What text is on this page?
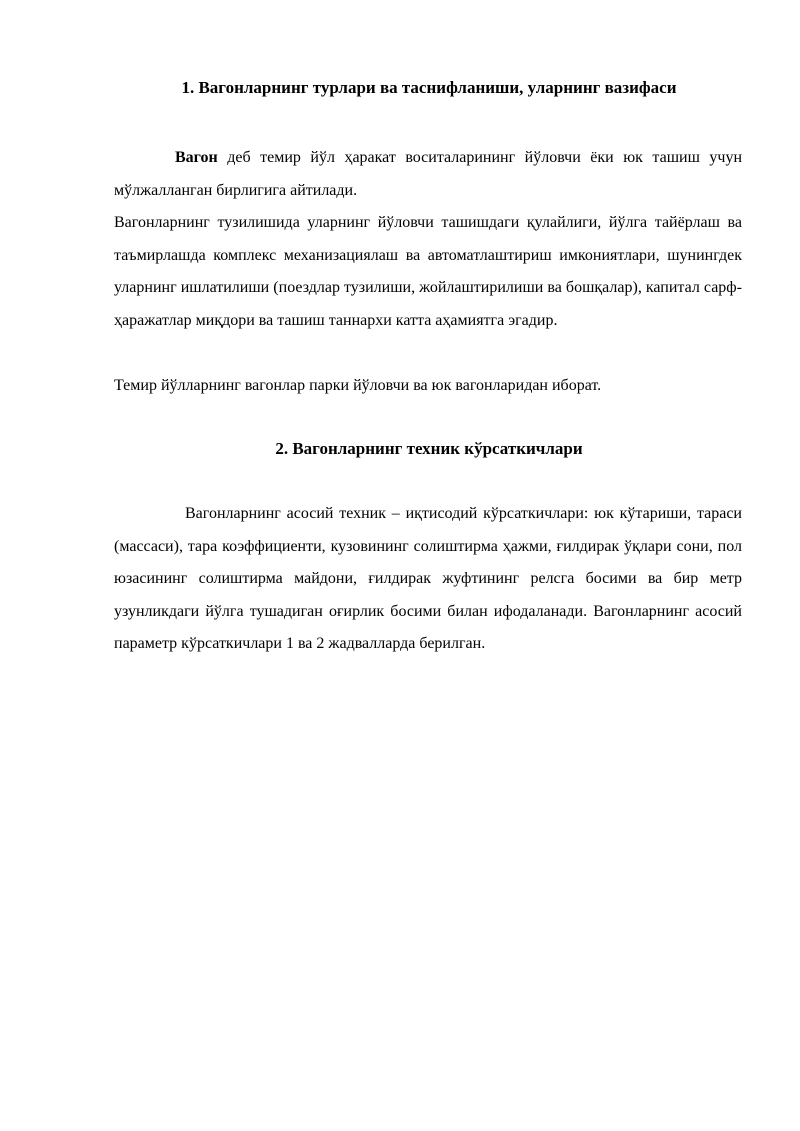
1. Вагонларнинг турлари ва таснифланиши, уларнинг вазифаси

Вагон деб темир йўл ҳаракат воситаларининг йўловчи ёки юк ташиш учун мўлжалланган бирлигига айтилади.

Вагонларнинг тузилишида уларнинг йўловчи ташишдаги қулайлиги, йўлга тайёрлаш ва таъмирлашда комплекс механизациялаш ва автоматлаштириш имкониятлари, шунингдек уларнинг ишлатилиши (поездлар тузилиши, жойлаштирилиши ва бошқалар), капитал сарф-ҳаражатлар миқдори ва ташиш таннархи катта аҳамиятга эгадир.

Темир йўлларнинг вагонлар парки йўловчи ва юк вагонларидан иборат.

2. Вагонларнинг техник кўрсаткичлари

Вагонларнинг асосий техник – иқтисодий кўрсаткичлари: юк кўтариши, тараси (массаси), тара коэффициенти, кузовининг солиштирма ҳажми, ғилдирак ўқлари сони, пол юзасининг солиштирма майдони, ғилдирак жуфтининг релсга босими ва бир метр узунликдаги йўлга тушадиган оғирлик босими билан ифодаланади. Вагонларнинг асосий параметр кўрсаткичлари 1 ва 2 жадвалларда берилган.
